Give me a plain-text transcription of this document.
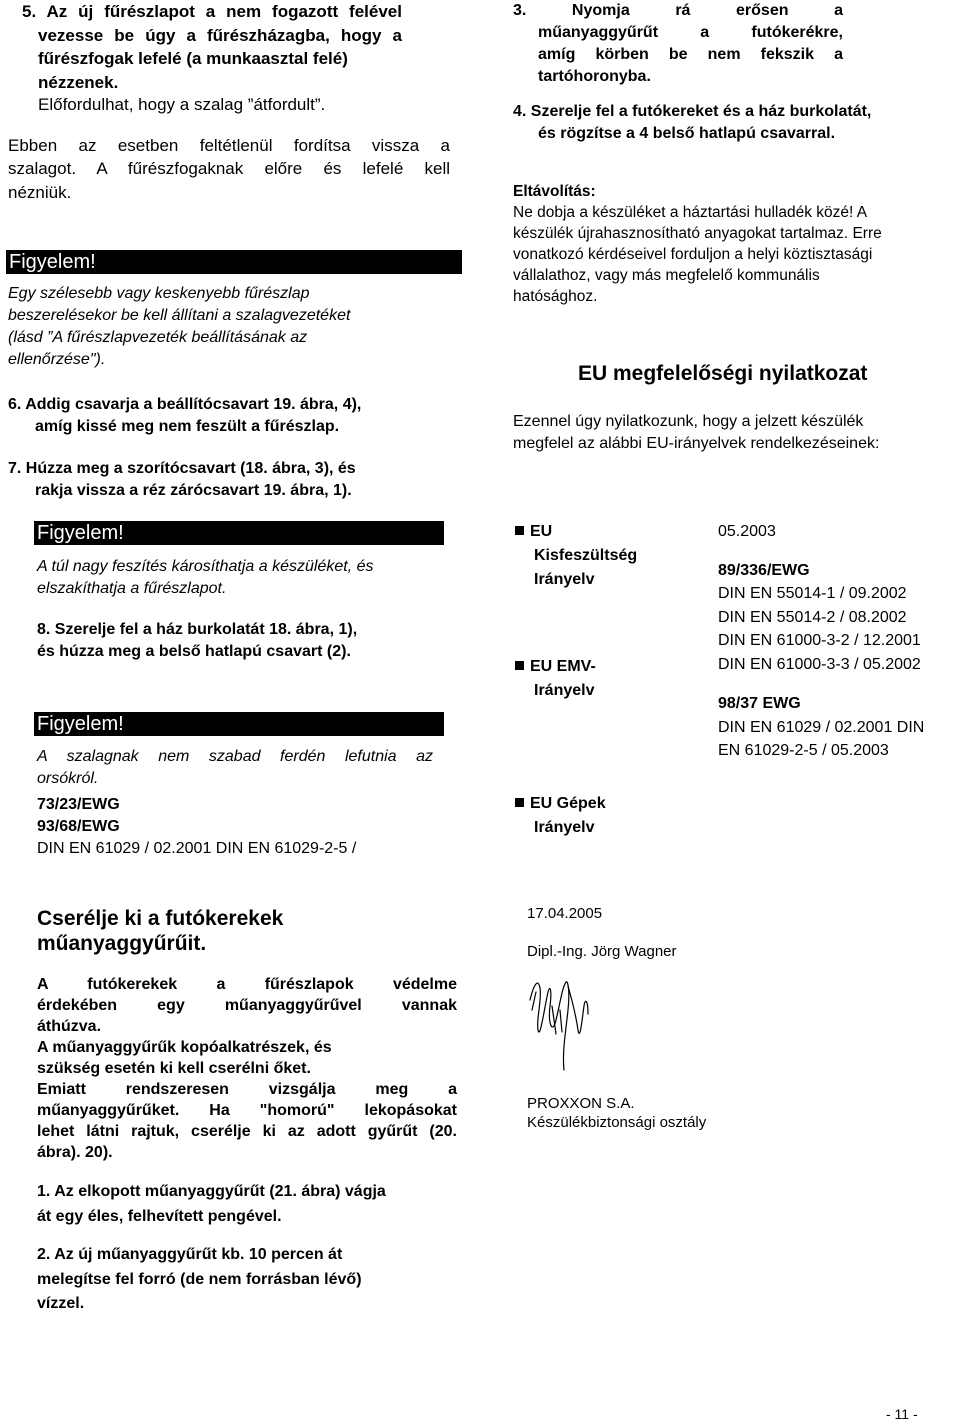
5. Az új fűrészlapot a nem fogazott felével

vezesse be úgy a fűrészházagba, hogy a

fűrészfogak lefelé (a munkaasztal felé)

nézzenek.

Előfordulhat, hogy a szalag ”átfordult”.

Ebben az esetben feltétlenül fordítsa vissza a

szalagot. A fűrészfogaknak előre és lefelé kell

nézniük.

Figyelem!

Egy szélesebb vagy keskenyebb fűrészlap

beszerelésekor be kell állítani a szalagvezetéket

(lásd ”A fűrészlapvezeték beállításának az

ellenőrzése").

6. Addig csavarja a beállítócsavart 19. ábra, 4),

amíg kissé meg nem feszült a fűrészlap.

7. Húzza meg a szorítócsavart (18. ábra, 3), és

rakja vissza a réz zárócsavart 19. ábra, 1).

Figyelem!

A túl nagy feszítés károsíthatja a készüléket, és

elszakíthatja a fűrészlapot.

8. Szerelje fel a ház burkolatát 18. ábra, 1),

és húzza meg a belső hatlapú csavart (2).

Figyelem!

A szalagnak nem szabad ferdén lefutnia az

orsókról.

73/23/EWG

93/68/EWG

DIN EN 61029 / 02.2001 DIN EN 61029-2-5 /

3. Nyomja rá erősen a

műanyaggyűrűt a futókerékre,

amíg körben be nem fekszik a

tartóhoronyba.

4. Szerelje fel a futókereket és a ház burkolatát,

és rögzítse a 4 belső hatlapú csavarral.

Eltávolítás:

Ne dobja a készüléket a háztartási hulladék közé! A

készülék újrahasznosítható anyagokat tartalmaz. Erre

vonatkozó kérdéseivel forduljon a helyi köztisztasági

vállalathoz, vagy más megfelelő kommunális

hatósághoz.

EU megfelelőségi nyilatkozat

Ezennel úgy nyilatkozunk, hogy a jelzett készülék

megfelel az alábbi EU-irányelvek rendelkezéseinek:

EU

Kisfeszültség

Irányelv

EU EMV-

Irányelv

EU Gépek

Irányelv

05.2003

89/336/EWG

DIN EN 55014-1 / 09.2002

DIN EN 55014-2 / 08.2002

DIN EN 61000-3-2 / 12.2001

DIN EN 61000-3-3 / 05.2002

98/37 EWG

DIN EN 61029 / 02.2001 DIN

EN 61029-2-5 / 05.2003

Cserélje ki a futókerekek

műanyaggyűrűit.

A futókerekek a fűrészlapok védelme

érdekében egy műanyaggyűrűvel vannak

áthúzva.

A műanyaggyűrűk kopóalkatrészek, és

szükség esetén ki kell cserélni őket.

Emiatt rendszeresen vizsgálja meg a

műanyaggyűrűket. Ha "homorú" lekopásokat

lehet látni rajtuk, cserélje ki az adott gyűrűt (20.

ábra). 20).

1. Az elkopott műanyaggyűrűt (21. ábra) vágja

át egy éles, felhevített pengével.

2. Az új műanyaggyűrűt kb. 10 percen át

melegítse fel forró (de nem forrásban lévő)

vízzel.

17.04.2005
Dipl.-Ing. Jörg Wagner

PROXXON S.A.

Készülékbiztonsági osztály

- 11 -
